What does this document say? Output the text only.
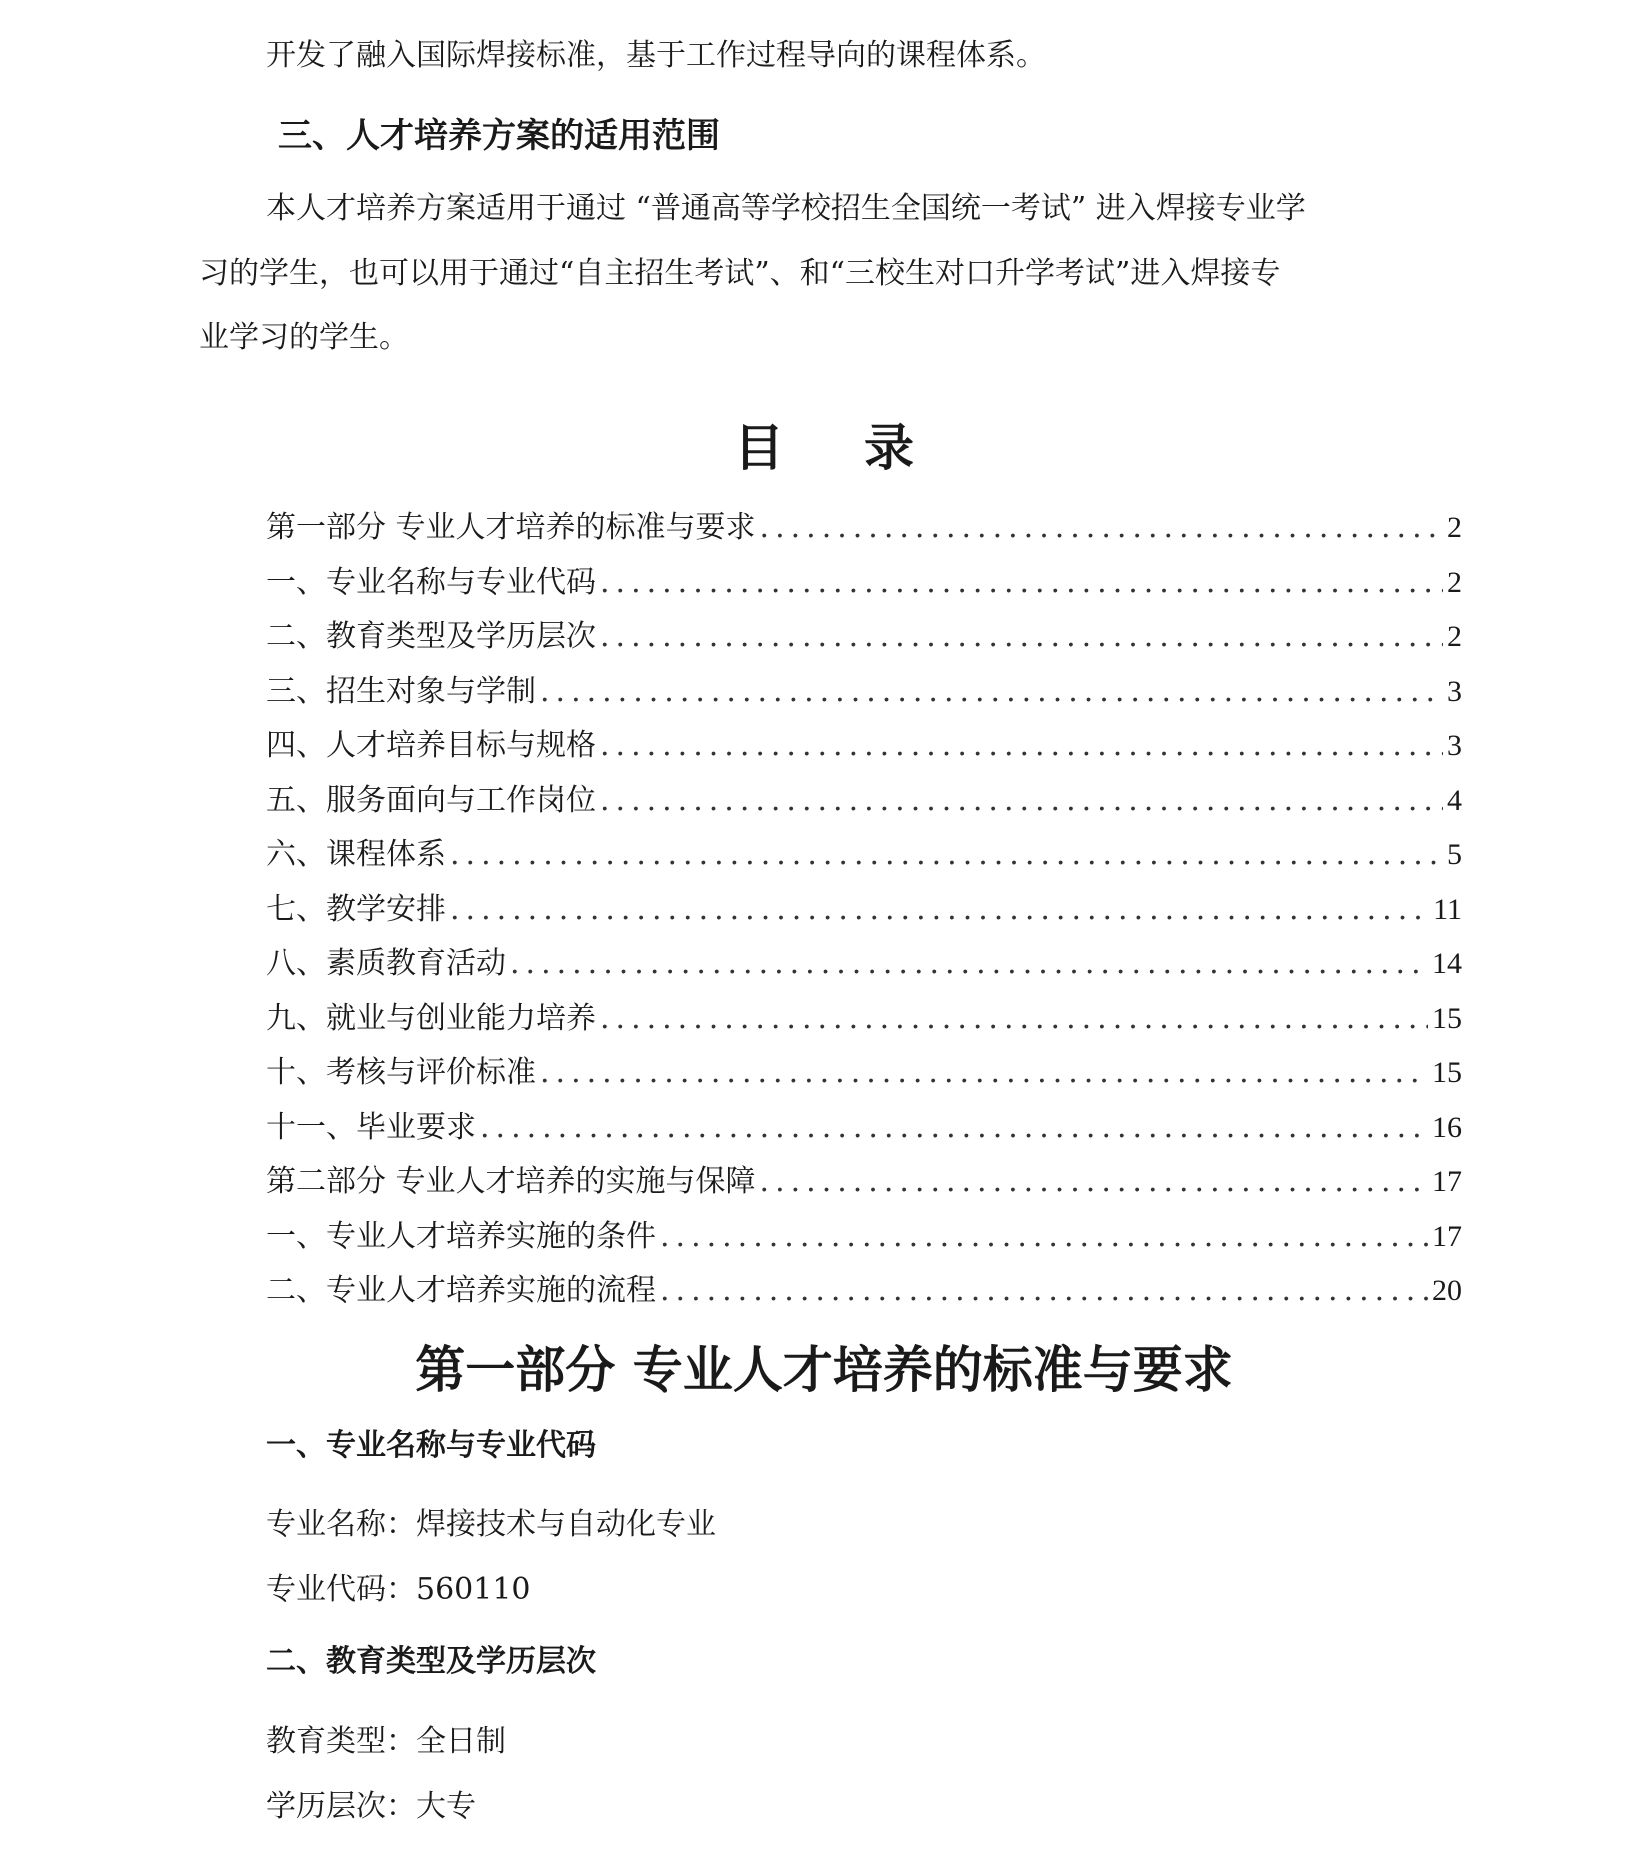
开发了融入国际焊接标准，基于工作过程导向的课程体系。
三、人才培养方案的适用范围
本人才培养方案适用于通过 “普通高等学校招生全国统一考试” 进入焊接专业学
习的学生，也可以用于通过“自主招生考试”、和“三校生对口升学考试”进入焊接专
业学习的学生。
目录
第一部分 专业人才培养的标准与要求 .....	2
一、专业名称与专业代码 .....	2
二、教育类型及学历层次 .....	2
三、招生对象与学制 .....	3
四、人才培养目标与规格 .....	3
五、服务面向与工作岗位 .....	4
六、课程体系 .....	5
七、教学安排 .....	11
八、素质教育活动 .....	14
九、就业与创业能力培养 .....	15
十、考核与评价标准 .....	15
十一、毕业要求 .....	16
第二部分 专业人才培养的实施与保障 .....	17
一、专业人才培养实施的条件 .....	17
二、专业人才培养实施的流程 .....	20
第一部分 专业人才培养的标准与要求
一、专业名称与专业代码
专业名称：焊接技术与自动化专业
专业代码：560110
二、教育类型及学历层次
教育类型：全日制
学历层次：大专
